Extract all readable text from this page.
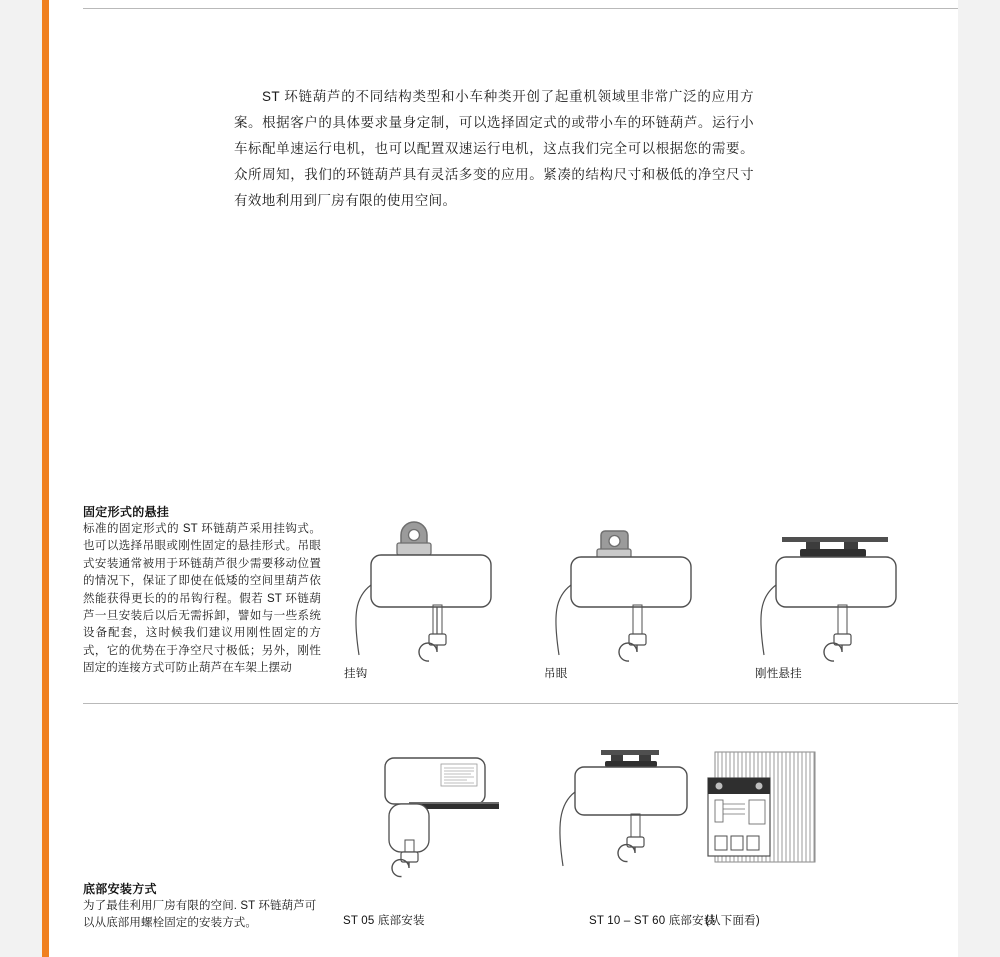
ST 环链葫芦的不同结构类型和小车种类开创了起重机领域里非常广泛的应用方案。根据客户的具体要求量身定制，可以选择固定式的或带小车的环链葫芦。运行小车标配单速运行电机，也可以配置双速运行电机，这点我们完全可以根据您的需要。众所周知，我们的环链葫芦具有灵活多变的应用。紧凑的结构尺寸和极低的净空尺寸有效地利用到厂房有限的使用空间。

固定形式的悬挂
标准的固定形式的 ST 环链葫芦采用挂钩式。也可以选择吊眼或刚性固定的悬挂形式。吊眼式安装通常被用于环链葫芦很少需要移动位置的情况下，保证了即使在低矮的空间里葫芦依然能获得更长的的吊钩行程。假若 ST 环链葫芦一旦安装后以后无需拆卸，譬如与一些系统设备配套，这时候我们建议用刚性固定的方式，它的优势在于净空尺寸极低；另外，刚性固定的连接方式可防止葫芦在车架上摆动	挂钩	吊眼	刚性悬挂
底部安装方式
为了最佳利用厂房有限的空间. ST 环链葫芦可以从底部用螺栓固定的安装方式。	ST 05 底部安装	ST 10 – ST 60 底部安装
(从下面看)
